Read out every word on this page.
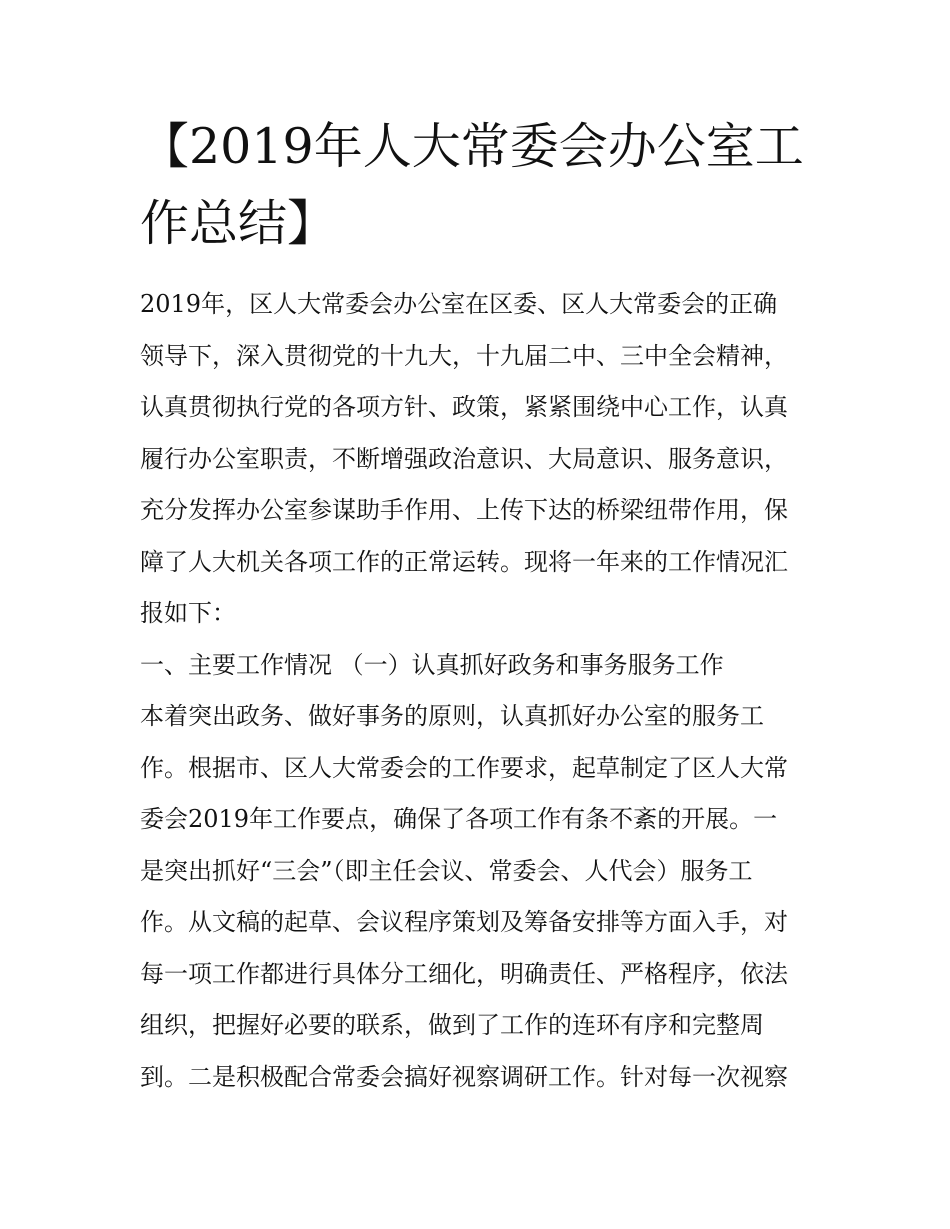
【2019年人大常委会办公室工
作总结】
2019年，区人大常委会办公室在区委、区人大常委会的正确
领导下，深入贯彻党的十九大，十九届二中、三中全会精神，
认真贯彻执行党的各项方针、政策，紧紧围绕中心工作，认真
履行办公室职责，不断增强政治意识、大局意识、服务意识，
充分发挥办公室参谋助手作用、上传下达的桥梁纽带作用，保
障了人大机关各项工作的正常运转。现将一年来的工作情况汇
报如下：
一、主要工作情况 （一）认真抓好政务和事务服务工作
本着突出政务、做好事务的原则，认真抓好办公室的服务工
作。根据市、区人大常委会的工作要求，起草制定了区人大常
委会2019年工作要点，确保了各项工作有条不紊的开展。一
是突出抓好“三会”（即主任会议、常委会、人代会）服务工
作。从文稿的起草、会议程序策划及筹备安排等方面入手，对
每一项工作都进行具体分工细化，明确责任、严格程序，依法
组织，把握好必要的联系，做到了工作的连环有序和完整周
到。二是积极配合常委会搞好视察调研工作。针对每一次视察
